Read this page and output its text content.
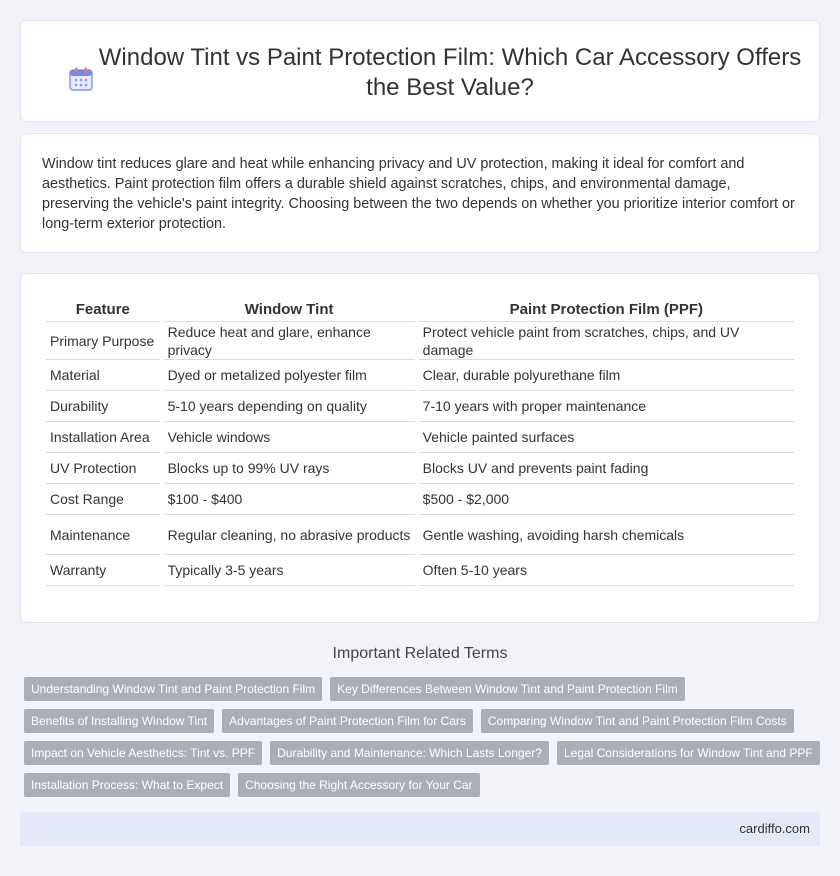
Window Tint vs Paint Protection Film: Which Car Accessory Offers the Best Value?

Window tint reduces glare and heat while enhancing privacy and UV protection, making it ideal for comfort and aesthetics. Paint protection film offers a durable shield against scratches, chips, and environmental damage, preserving the vehicle's paint integrity. Choosing between the two depends on whether you prioritize interior comfort or long-term exterior protection.

Feature	Window Tint	Paint Protection Film (PPF)
Primary Purpose	Reduce heat and glare, enhance privacy	Protect vehicle paint from scratches, chips, and UV damage
Material	Dyed or metalized polyester film	Clear, durable polyurethane film
Durability	5-10 years depending on quality	7-10 years with proper maintenance
Installation Area	Vehicle windows	Vehicle painted surfaces
UV Protection	Blocks up to 99% UV rays	Blocks UV and prevents paint fading
Cost Range	$100 - $400	$500 - $2,000
Maintenance	Regular cleaning, no abrasive products	Gentle washing, avoiding harsh chemicals
Warranty	Typically 3-5 years	Often 5-10 years
Important Related Terms
Understanding Window Tint and Paint Protection Film	Key Differences Between Window Tint and Paint Protection Film
Benefits of Installing Window Tint	Advantages of Paint Protection Film for Cars	Comparing Window Tint and Paint Protection Film Costs
Impact on Vehicle Aesthetics: Tint vs. PPF	Durability and Maintenance: Which Lasts Longer?	Legal Considerations for Window Tint and PPF
Installation Process: What to Expect	Choosing the Right Accessory for Your Car
cardiffo.com
